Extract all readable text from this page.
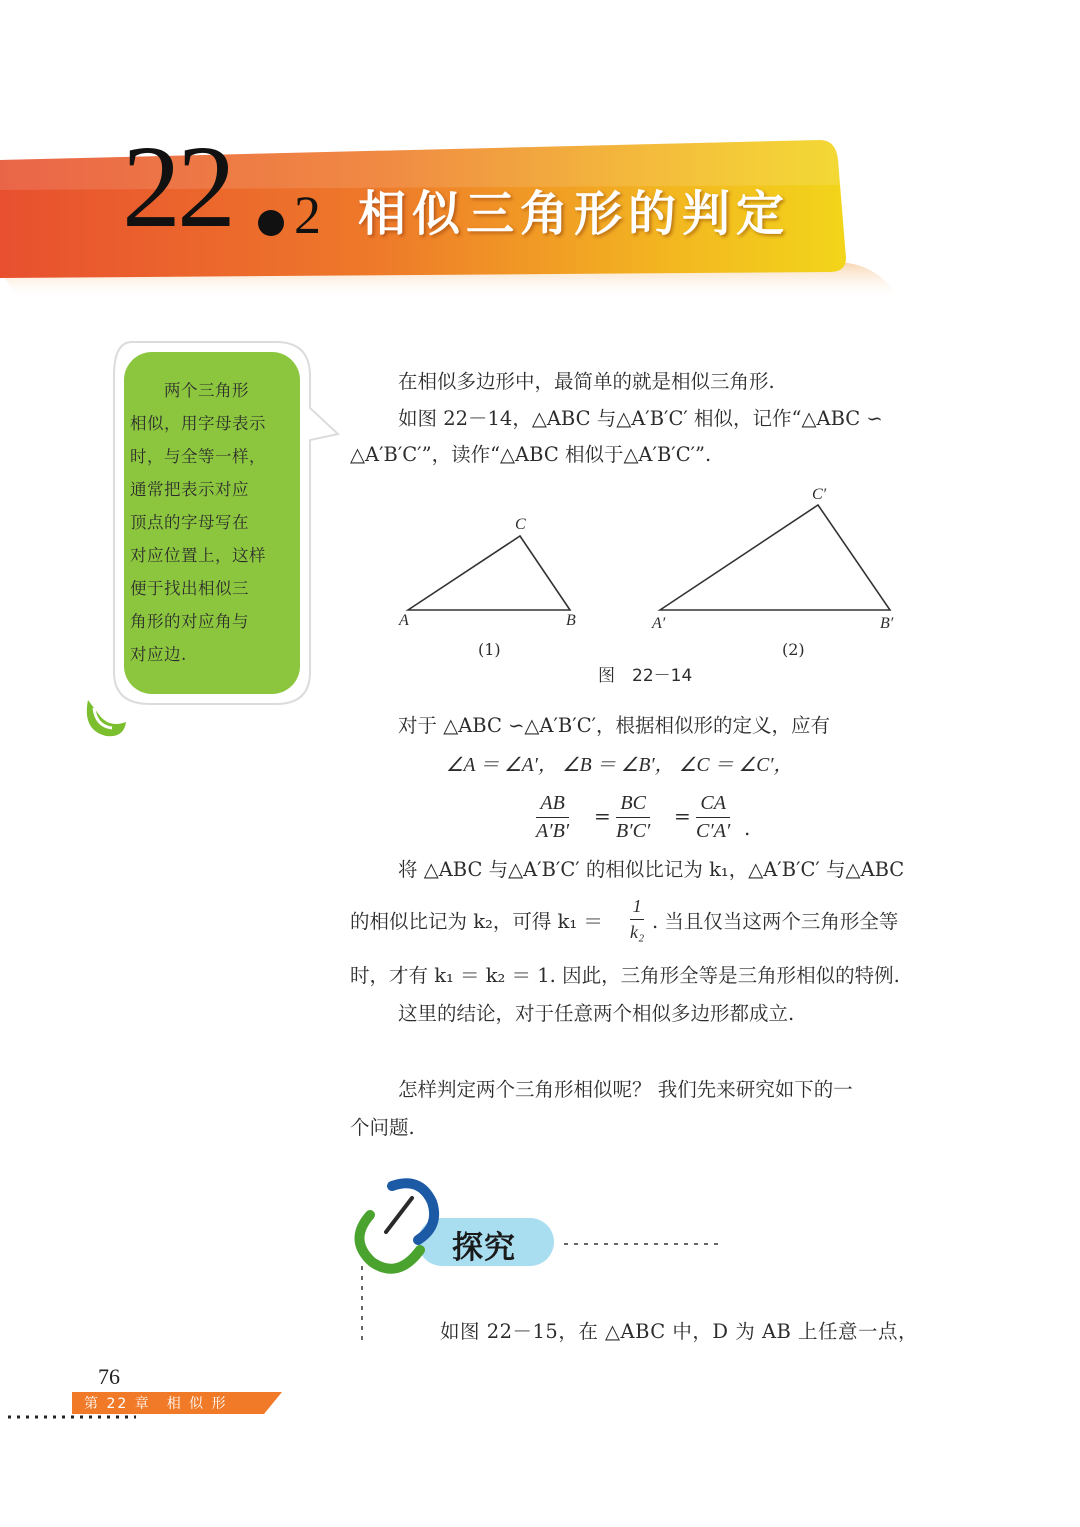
22 2 相似三角形的判定
　　两个三角形
相似，用字母表示
时，与全等一样，
通常把表示对应
顶点的字母写在
对应位置上，这样
便于找出相似三
角形的对应角与
对应边.
在相似多边形中，最简单的就是相似三角形.
如图 22－14，△ABC 与△A′B′C′ 相似，记作“△ABC ∽
△A′B′C′”，读作“△ABC 相似于△A′B′C′”.
A	B
C
(1)
A′	B′
C′
(2)
图　22－14
对于 △ABC ∽△A′B′C′，根据相似形的定义，应有
∠A ＝ ∠A′， ∠B ＝ ∠B′， ∠C ＝ ∠C′，
AB
A′B′
=
BC
B′C′
=
CA
C′A′ .
将 △ABC 与△A′B′C′ 的相似比记为 k₁，△A′B′C′ 与△ABC
的相似比记为 k₂，可得 k₁ ＝
1
k₂ . 当且仅当这两个三角形全等
时，才有 k₁ ＝ k₂ ＝ 1. 因此，三角形全等是三角形相似的特例.
这里的结论，对于任意两个相似多边形都成立.
怎样判定两个三角形相似呢？ 我们先来研究如下的一
个问题.
探究
如图 22－15，在 △ABC 中，D 为 AB 上任意一点，
76
第 22 章　相 似 形
